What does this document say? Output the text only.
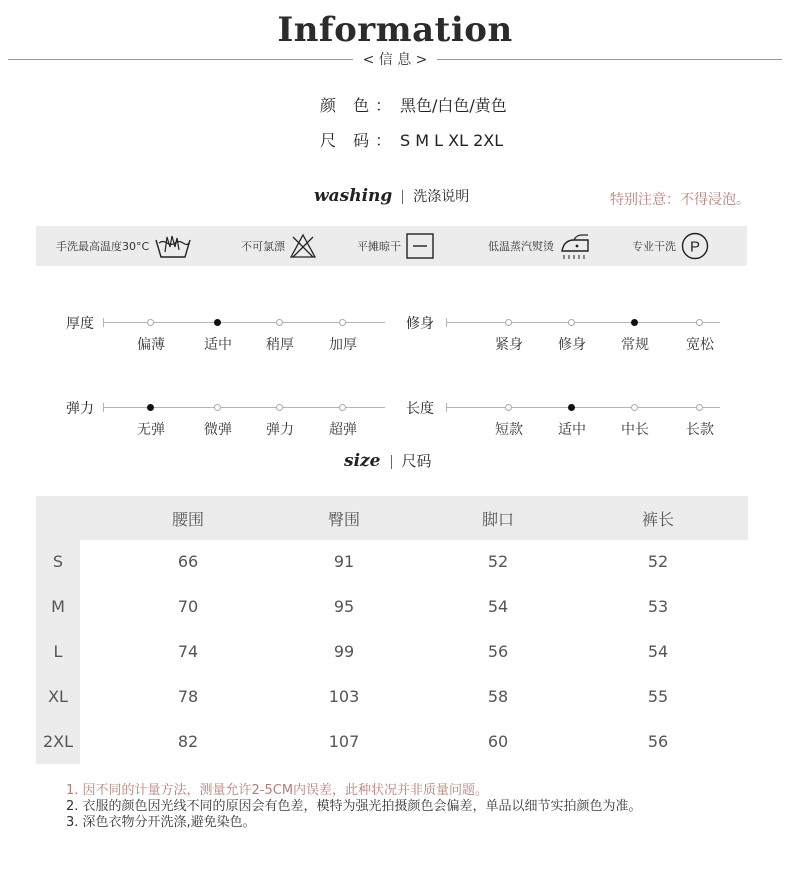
Information
< 信 息 >
颜 色： 黑色/白色/黄色
尺 码： S M L XL 2XL
washing 洗涤说明	特别注意：不得浸泡。
手洗最高温度30°C	不可氯漂	平摊晾干	低温蒸汽熨烫	专业干洗 P
厚度
偏薄	适中	稍厚	加厚
修身
紧身	修身	常规	宽松
弹力
无弹	微弹	弹力	超弹
长度
短款	适中	中长	长款
size 尺码
腰围	臀围	脚口	裤长
S	66	91	52	52
M	70	95	54	53
L	74	99	56	54
XL	78	103	58	55
2XL	82	107	60	56
1. 因不同的计量方法，测量允许2-5CM内误差，此种状况并非质量问题。
2. 衣服的颜色因光线不同的原因会有色差，模特为强光拍摄颜色会偏差，单品以细节实拍颜色为准。
3. 深色衣物分开洗涤,避免染色。
